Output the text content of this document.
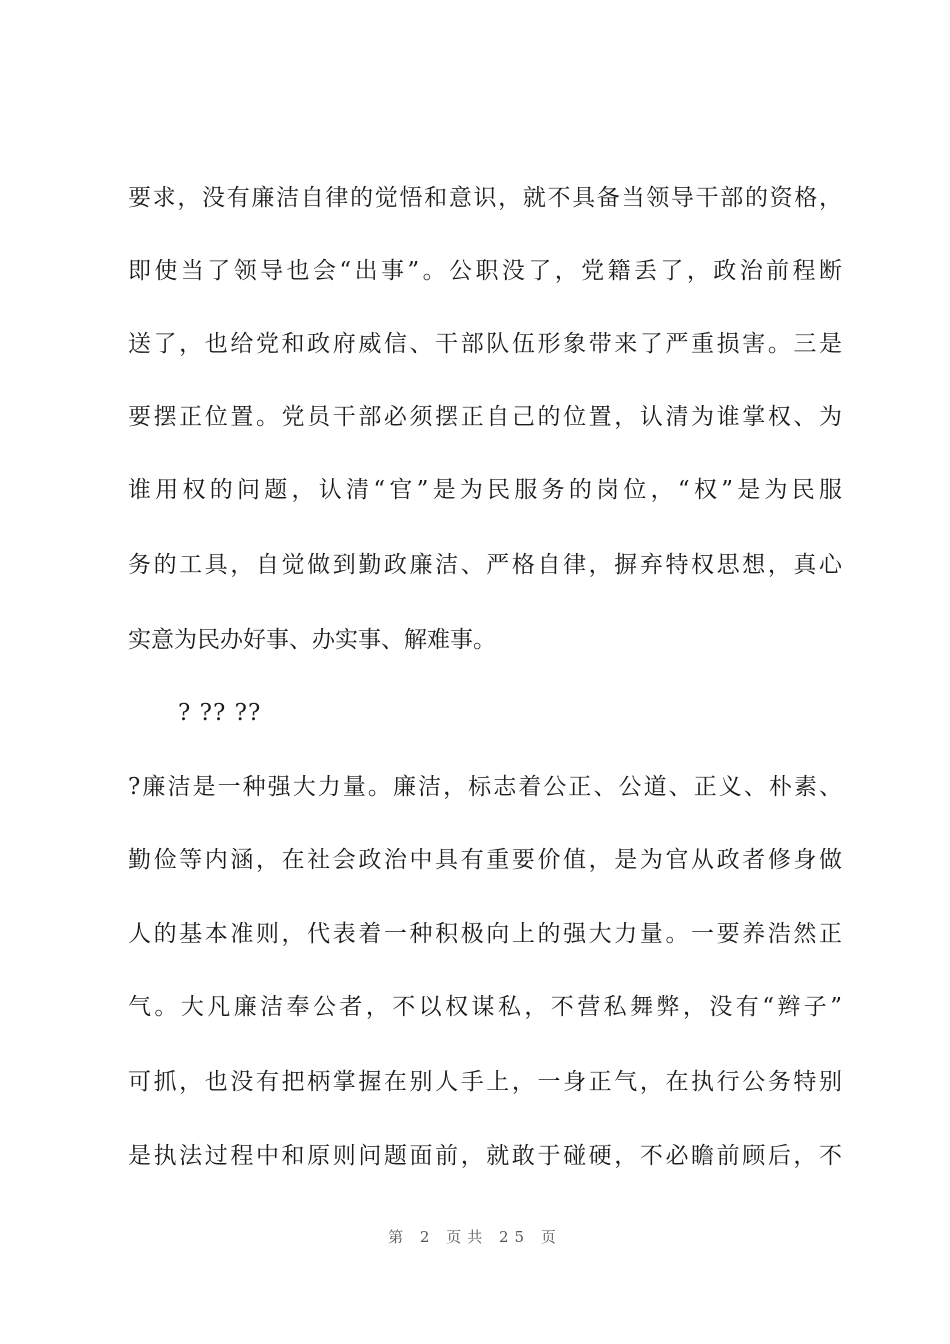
要求，没有廉洁自律的觉悟和意识，就不具备当领导干部的资格，
即使当了领导也会“出事”。公职没了，党籍丢了，政治前程断
送了，也给党和政府威信、干部队伍形象带来了严重损害。三是
要摆正位置。党员干部必须摆正自己的位置，认清为谁掌权、为
谁用权的问题，认清“官”是为民服务的岗位，“权”是为民服
务的工具，自觉做到勤政廉洁、严格自律，摒弃特权思想，真心
实意为民办好事、办实事、解难事。
? ?? ??
?廉洁是一种强大力量。廉洁，标志着公正、公道、正义、朴素、
勤俭等内涵，在社会政治中具有重要价值，是为官从政者修身做
人的基本准则，代表着一种积极向上的强大力量。一要养浩然正
气。大凡廉洁奉公者，不以权谋私，不营私舞弊，没有“辫子”
可抓，也没有把柄掌握在别人手上，一身正气，在执行公务特别
是执法过程中和原则问题面前，就敢于碰硬，不必瞻前顾后，不
第 2 页共 25 页
